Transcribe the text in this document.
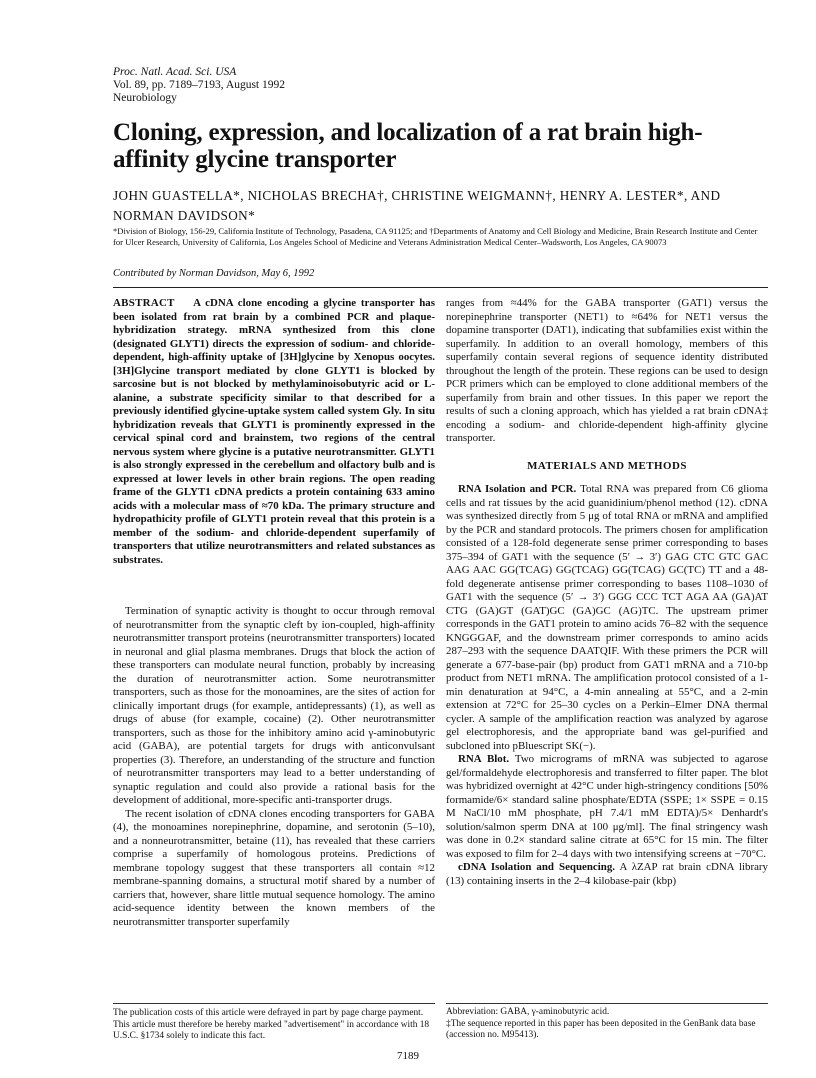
Proc. Natl. Acad. Sci. USA
Vol. 89, pp. 7189–7193, August 1992
Neurobiology
Cloning, expression, and localization of a rat brain high-affinity glycine transporter
JOHN GUASTELLA*, NICHOLAS BRECHA†, CHRISTINE WEIGMANN†, HENRY A. LESTER*, AND NORMAN DAVIDSON*
*Division of Biology, 156-29, California Institute of Technology, Pasadena, CA 91125; and †Departments of Anatomy and Cell Biology and Medicine, Brain Research Institute and Center for Ulcer Research, University of California, Los Angeles School of Medicine and Veterans Administration Medical Center–Wadsworth, Los Angeles, CA 90073
Contributed by Norman Davidson, May 6, 1992
ABSTRACT A cDNA clone encoding a glycine transporter has been isolated from rat brain by a combined PCR and plaque-hybridization strategy. mRNA synthesized from this clone (designated GLYT1) directs the expression of sodium- and chloride-dependent, high-affinity uptake of [3H]glycine by Xenopus oocytes. [3H]Glycine transport mediated by clone GLYT1 is blocked by sarcosine but is not blocked by methylaminoisobutyric acid or L-alanine, a substrate specificity similar to that described for a previously identified glycine-uptake system called system Gly. In situ hybridization reveals that GLYT1 is prominently expressed in the cervical spinal cord and brainstem, two regions of the central nervous system where glycine is a putative neurotransmitter. GLYT1 is also strongly expressed in the cerebellum and olfactory bulb and is expressed at lower levels in other brain regions. The open reading frame of the GLYT1 cDNA predicts a protein containing 633 amino acids with a molecular mass of ≈70 kDa. The primary structure and hydropathicity profile of GLYT1 protein reveal that this protein is a member of the sodium- and chloride-dependent superfamily of transporters that utilize neurotransmitters and related substances as substrates.

Termination of synaptic activity is thought to occur through removal of neurotransmitter from the synaptic cleft by ion-coupled, high-affinity neurotransmitter transport proteins (neurotransmitter transporters) located in neuronal and glial plasma membranes. Drugs that block the action of these transporters can modulate neural function, probably by increasing the duration of neurotransmitter action. Some neurotransmitter transporters, such as those for the monoamines, are the sites of action for clinically important drugs (for example, antidepressants) (1), as well as drugs of abuse (for example, cocaine) (2). Other neurotransmitter transporters, such as those for the inhibitory amino acid γ-aminobutyric acid (GABA), are potential targets for drugs with anticonvulsant properties (3). Therefore, an understanding of the structure and function of neurotransmitter transporters may lead to a better understanding of synaptic regulation and could also provide a rational basis for the development of additional, more-specific anti-transporter drugs.

The recent isolation of cDNA clones encoding transporters for GABA (4), the monoamines norepinephrine, dopamine, and serotonin (5–10), and a nonneurotransmitter, betaine (11), has revealed that these carriers comprise a superfamily of homologous proteins. Predictions of membrane topology suggest that these transporters all contain ≈12 membrane-spanning domains, a structural motif shared by a number of carriers that, however, share little mutual sequence homology. The amino acid-sequence identity between the known members of the neurotransmitter transporter superfamily

ranges from ≈44% for the GABA transporter (GAT1) versus the norepinephrine transporter (NET1) to ≈64% for NET1 versus the dopamine transporter (DAT1), indicating that subfamilies exist within the superfamily. In addition to an overall homology, members of this superfamily contain several regions of sequence identity distributed throughout the length of the protein. These regions can be used to design PCR primers which can be employed to clone additional members of the superfamily from brain and other tissues. In this paper we report the results of such a cloning approach, which has yielded a rat brain cDNA‡ encoding a sodium- and chloride-dependent high-affinity glycine transporter.

MATERIALS AND METHODS

RNA Isolation and PCR. Total RNA was prepared from C6 glioma cells and rat tissues by the acid guanidinium/phenol method (12). cDNA was synthesized directly from 5 μg of total RNA or mRNA and amplified by the PCR and standard protocols. The primers chosen for amplification consisted of a 128-fold degenerate sense primer corresponding to bases 375–394 of GAT1 with the sequence (5′ → 3′) GAG CTC GTC GAC AAG AAC GG(TCAG) GG(TCAG) GG(TCAG) GC(TC) TT and a 48-fold degenerate antisense primer corresponding to bases 1108–1030 of GAT1 with the sequence (5′ → 3′) GGG CCC TCT AGA AA (GA)AT CTG (GA)GT (GAT)GC (GA)GC (AG)TC. The upstream primer corresponds in the GAT1 protein to amino acids 76–82 with the sequence KNGGGAF, and the downstream primer corresponds to amino acids 287–293 with the sequence DAATQIF. With these primers the PCR will generate a 677-base-pair (bp) product from GAT1 mRNA and a 710-bp product from NET1 mRNA. The amplification protocol consisted of a 1-min denaturation at 94°C, a 4-min annealing at 55°C, and a 2-min extension at 72°C for 25–30 cycles on a Perkin–Elmer DNA thermal cycler. A sample of the amplification reaction was analyzed by agarose gel electrophoresis, and the appropriate band was gel-purified and subcloned into pBluescript SK(−).

RNA Blot. Two micrograms of mRNA was subjected to agarose gel/formaldehyde electrophoresis and transferred to filter paper. The blot was hybridized overnight at 42°C under high-stringency conditions [50% formamide/6× standard saline phosphate/EDTA (SSPE; 1× SSPE = 0.15 M NaCl/10 mM phosphate, pH 7.4/1 mM EDTA)/5× Denhardt's solution/salmon sperm DNA at 100 μg/ml]. The final stringency wash was done in 0.2× standard saline citrate at 65°C for 15 min. The filter was exposed to film for 2–4 days with two intensifying screens at −70°C.

cDNA Isolation and Sequencing. A λZAP rat brain cDNA library (13) containing inserts in the 2–4 kilobase-pair (kbp)

The publication costs of this article were defrayed in part by page charge payment. This article must therefore be hereby marked "advertisement" in accordance with 18 U.S.C. §1734 solely to indicate this fact.
Abbreviation: GABA, γ-aminobutyric acid.
‡The sequence reported in this paper has been deposited in the GenBank data base (accession no. M95413).
7189
